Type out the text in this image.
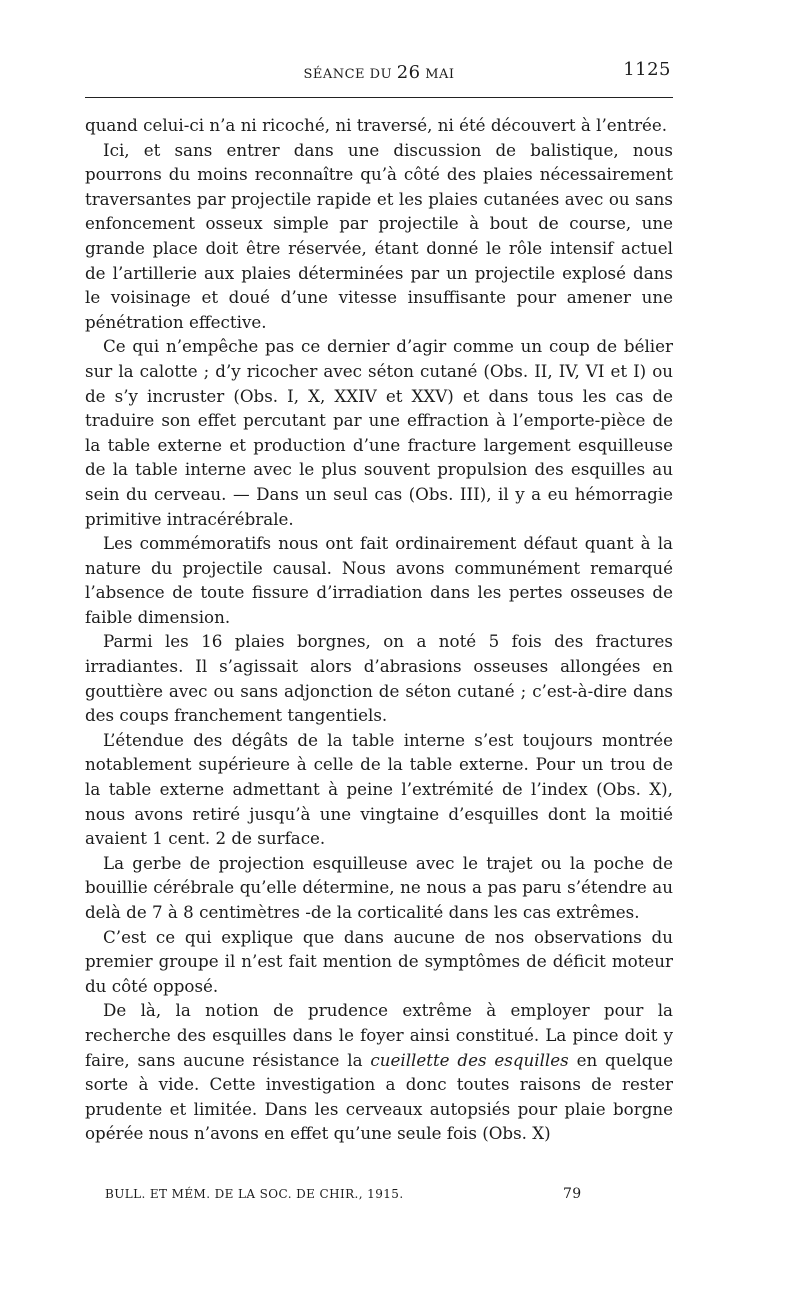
SÉANCE DU 26 MAI	1125

quand celui-ci n’a ni ricoché, ni traversé, ni été découvert à l’entrée.

Ici, et sans entrer dans une discussion de balistique, nous pourrons du moins reconnaître qu’à côté des plaies nécessairement traversantes par projectile rapide et les plaies cutanées avec ou sans enfoncement osseux simple par projectile à bout de course, une grande place doit être réservée, étant donné le rôle intensif actuel de l’artillerie aux plaies déterminées par un projectile explosé dans le voisinage et doué d’une vitesse insuffisante pour amener une pénétration effective.

Ce qui n’empêche pas ce dernier d’agir comme un coup de bélier sur la calotte ; d’y ricocher avec séton cutané (Obs. II, IV, VI et I) ou de s’y incruster (Obs. I, X, XXIV et XXV) et dans tous les cas de traduire son effet percutant par une effraction à l’emporte-pièce de la table externe et production d’une fracture largement esquilleuse de la table interne avec le plus souvent propulsion des esquilles au sein du cerveau. — Dans un seul cas (Obs. III), il y a eu hémorragie primitive intracérébrale.

Les commémoratifs nous ont fait ordinairement défaut quant à la nature du projectile causal. Nous avons communément remarqué l’absence de toute fissure d’irradiation dans les pertes osseuses de faible dimension.

Parmi les 16 plaies borgnes, on a noté 5 fois des fractures irradiantes. Il s’agissait alors d’abrasions osseuses allongées en gouttière avec ou sans adjonction de séton cutané ; c’est-à-dire dans des coups franchement tangentiels.

L’étendue des dégâts de la table interne s’est toujours montrée notablement supérieure à celle de la table externe. Pour un trou de la table externe admettant à peine l’extrémité de l’index (Obs. X), nous avons retiré jusqu’à une vingtaine d’esquilles dont la moitié avaient 1 cent. 2 de surface.

La gerbe de projection esquilleuse avec le trajet ou la poche de bouillie cérébrale qu’elle détermine, ne nous a pas paru s’étendre au delà de 7 à 8 centimètres -de la corticalité dans les cas extrêmes.

C’est ce qui explique que dans aucune de nos observations du premier groupe il n’est fait mention de symptômes de déficit moteur du côté opposé.

De là, la notion de prudence extrême à employer pour la recherche des esquilles dans le foyer ainsi constitué. La pince doit y faire, sans aucune résistance la cueillette des esquilles en quelque sorte à vide. Cette investigation a donc toutes raisons de rester prudente et limitée. Dans les cerveaux autopsiés pour plaie borgne opérée nous n’avons en effet qu’une seule fois (Obs. X)

BULL. ET MÉM. DE LA SOC. DE CHIR., 1915.	79
